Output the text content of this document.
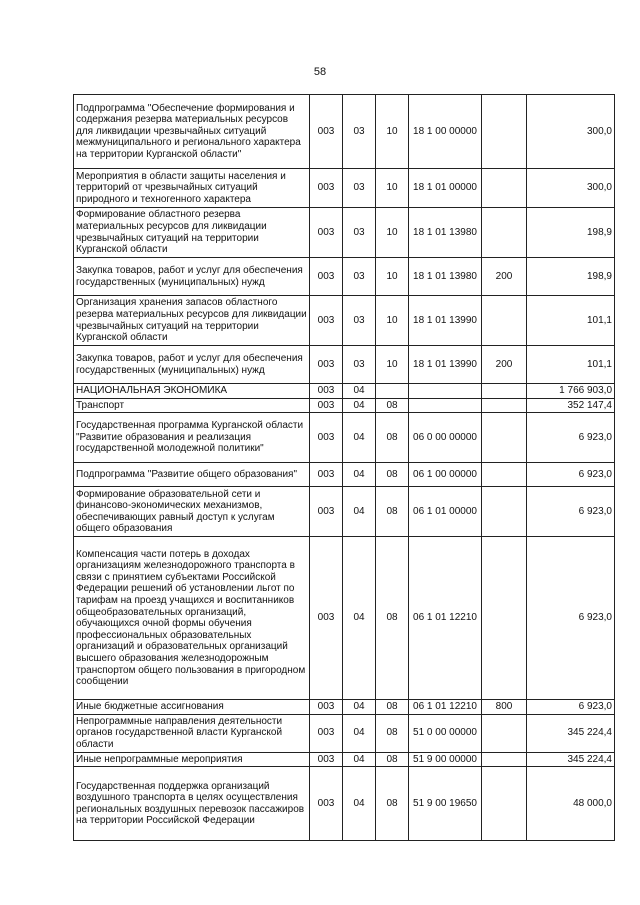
58
Подпрограмма "Обеспечение формирования и содержания резерва материальных ресурсов для ликвидации чрезвычайных ситуаций межмуниципального и регионального характера на территории Курганской области"	003	03	10	18 1 00 00000		300,0
Мероприятия в области защиты населения и территорий от чрезвычайных ситуаций природного и техногенного характера	003	03	10	18 1 01 00000		300,0
Формирование областного резерва материальных ресурсов для ликвидации чрезвычайных ситуаций на территории Курганской области	003	03	10	18 1 01 13980		198,9
Закупка товаров, работ и услуг для обеспечения государственных (муниципальных) нужд	003	03	10	18 1 01 13980	200	198,9
Организация хранения запасов областного резерва материальных ресурсов для ликвидации чрезвычайных ситуаций на территории Курганской области	003	03	10	18 1 01 13990		101,1
Закупка товаров, работ и услуг для обеспечения государственных (муниципальных) нужд	003	03	10	18 1 01 13990	200	101,1
НАЦИОНАЛЬНАЯ ЭКОНОМИКА	003	04				1 766 903,0
Транспорт	003	04	08			352 147,4
Государственная программа Курганской области "Развитие образования и реализация государственной молодежной политики"	003	04	08	06 0 00 00000		6 923,0
Подпрограмма "Развитие общего образования"	003	04	08	06 1 00 00000		6 923,0
Формирование образовательной сети и финансово-экономических механизмов, обеспечивающих равный доступ к услугам общего образования	003	04	08	06 1 01 00000		6 923,0
Компенсация части потерь в доходах организациям железнодорожного транспорта в связи с принятием субъектами Российской Федерации решений об установлении льгот по тарифам на проезд учащихся и воспитанников общеобразовательных организаций, обучающихся очной формы обучения профессиональных образовательных организаций и образовательных организаций высшего образования железнодорожным транспортом общего пользования в пригородном сообщении	003	04	08	06 1 01 12210		6 923,0
Иные бюджетные ассигнования	003	04	08	06 1 01 12210	800	6 923,0
Непрограммные направления деятельности органов государственной власти Курганской области	003	04	08	51 0 00 00000		345 224,4
Иные непрограммные мероприятия	003	04	08	51 9 00 00000		345 224,4
Государственная поддержка организаций воздушного транспорта в целях осуществления региональных воздушных перевозок пассажиров на территории Российской Федерации	003	04	08	51 9 00 19650		48 000,0
